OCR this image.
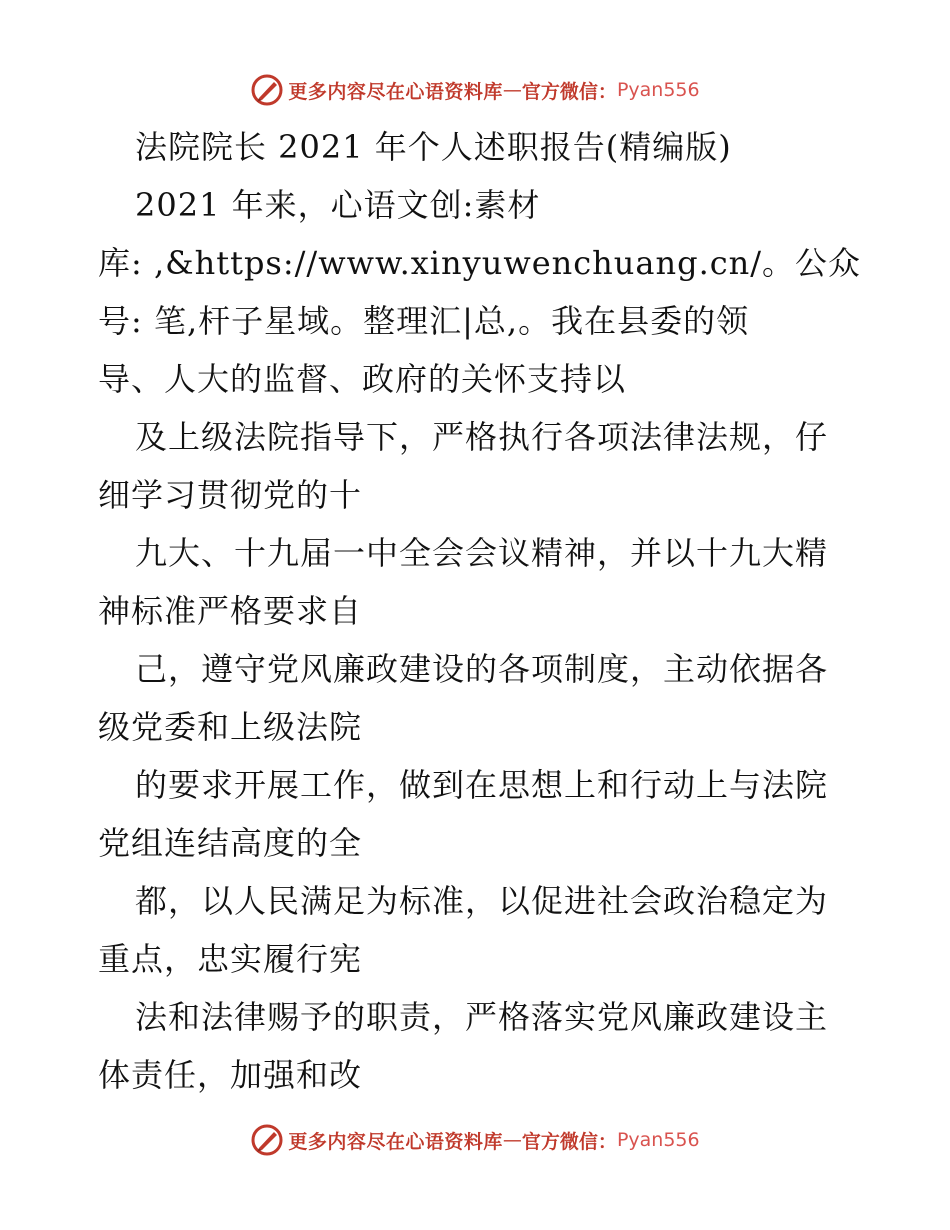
更多内容尽在心语资料库 — 官方微信： Pyan556
法院院长 2021 年个人述职报告(精编版)
2021 年来，心语文创:素材
库: ,&https://www.xinyuwenchuang.cn/。公众
号: 笔,杆子星域。整理汇|总,。我在县委的领
导、人大的监督、政府的关怀支持以
及上级法院指导下，严格执行各项法律法规，仔
细学习贯彻党的十
九大、十九届一中全会会议精神，并以十九大精
神标准严格要求自
己，遵守党风廉政建设的各项制度，主动依据各
级党委和上级法院
的要求开展工作，做到在思想上和行动上与法院
党组连结高度的全
都，以人民满足为标准，以促进社会政治稳定为
重点，忠实履行宪
法和法律赐予的职责，严格落实党风廉政建设主
体责任，加强和改
更多内容尽在心语资料库 — 官方微信： Pyan556
